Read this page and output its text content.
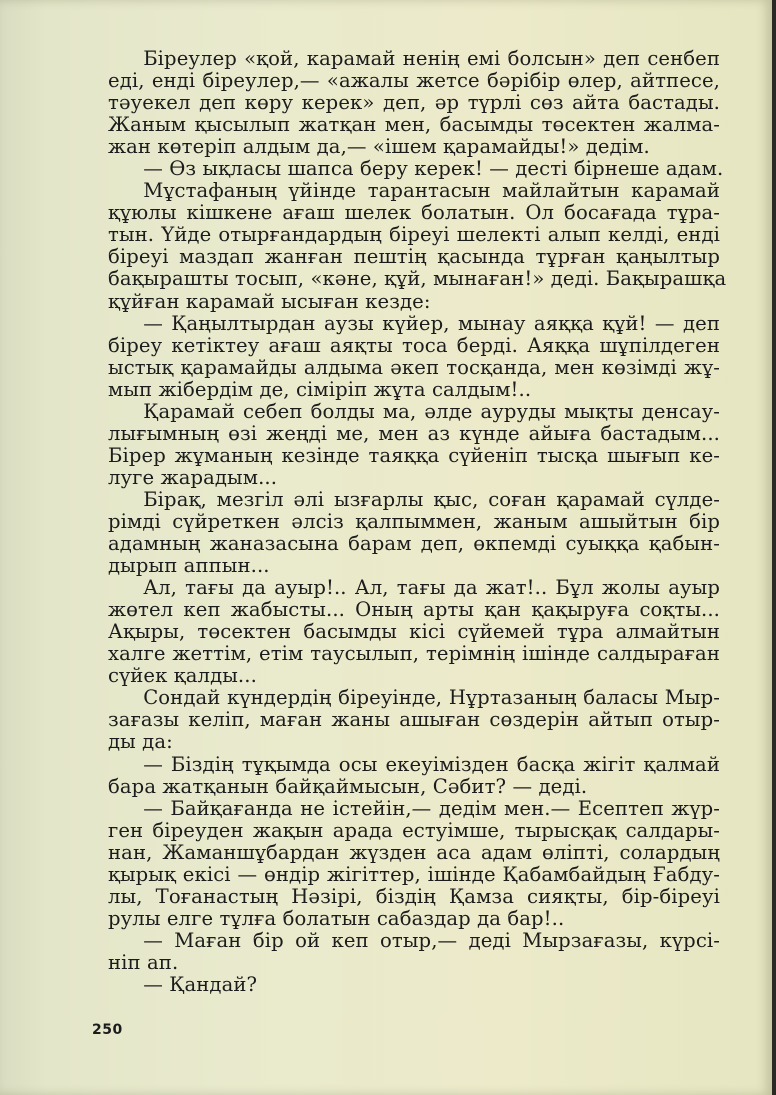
Біреулер «қой, карамай ненің емі болсын» деп сенбеп
еді, енді біреулер,— «ажалы жетсе бәрібір өлер, айтпесе,
тәуекел деп көру керек» деп, әр түрлі сөз айта бастады.
Жаным қысылып жатқан мен, басымды төсектен жалма-
жан көтеріп алдым да,— «ішем қарамайды!» дедім.
— Өз ықласы шапса беру керек! — десті бірнеше адам.
Мұстафаның үйінде тарантасын майлайтын карамай
құюлы кішкене ағаш шелек болатын. Ол босағада тұра-
тын. Үйде отырғандардың біреуі шелекті алып келді, енді
біреуі маздап жанған пештің қасында тұрған қаңылтыр
бақырашты тосып, «кәне, құй, мынаған!» деді. Бақырашқа
құйған карамай ысыған кезде:
— Қаңылтырдан аузы күйер, мынау аяққа құй! — деп
біреу кетіктеу ағаш аяқты тоса берді. Аяққа шұпілдеген
ыстық қарамайды алдыма әкеп тосқанда, мен көзімді жұ-
мып жібердім де, сіміріп жұта салдым!..
Қарамай себеп болды ма, әлде ауруды мықты денсау-
лығымның өзі жеңді ме, мен аз күнде айыға бастадым...
Бірер жұманың кезінде таяққа сүйеніп тысқа шығып ке-
луге жарадым...
Бірақ, мезгіл әлі ызғарлы қыс, соған қарамай сүлде-
рімді сүйреткен әлсіз қалпыммен, жаным ашыйтын бір
адамның жаназасына барам деп, өкпемді суыққа қабын-
дырып аппын...
Ал, тағы да ауыр!.. Ал, тағы да жат!.. Бұл жолы ауыр
жөтел кеп жабысты... Оның арты қан қақыруға соқты...
Ақыры, төсектен басымды кісі сүйемей тұра алмайтын
халге жеттім, етім таусылып, терімнің ішінде салдыраған
сүйек қалды...
Сондай күндердің біреуінде, Нұртазаның баласы Мыр-
зағазы келіп, маған жаны ашыған сөздерін айтып отыр-
ды да:
— Біздің тұқымда осы екеуімізден басқа жігіт қалмай
бара жатқанын байқаймысын, Сәбит? — деді.
— Байқағанда не істейін,— дедім мен.— Есептеп жүр-
ген біреуден жақын арада естуімше, тырысқақ салдары-
нан, Жаманшұбардан жүзден аса адам өліпті, солардың
қырық екісі — өндір жігіттер, ішінде Қабамбайдың Ғабду-
лы, Тоғанастың Нәзірі, біздің Қамза сияқты, бір-біреуі
рулы елге тұлға болатын сабаздар да бар!..
— Маған бір ой кеп отыр,— деді Мырзағазы, күрсі-
ніп ап.
— Қандай?
250
